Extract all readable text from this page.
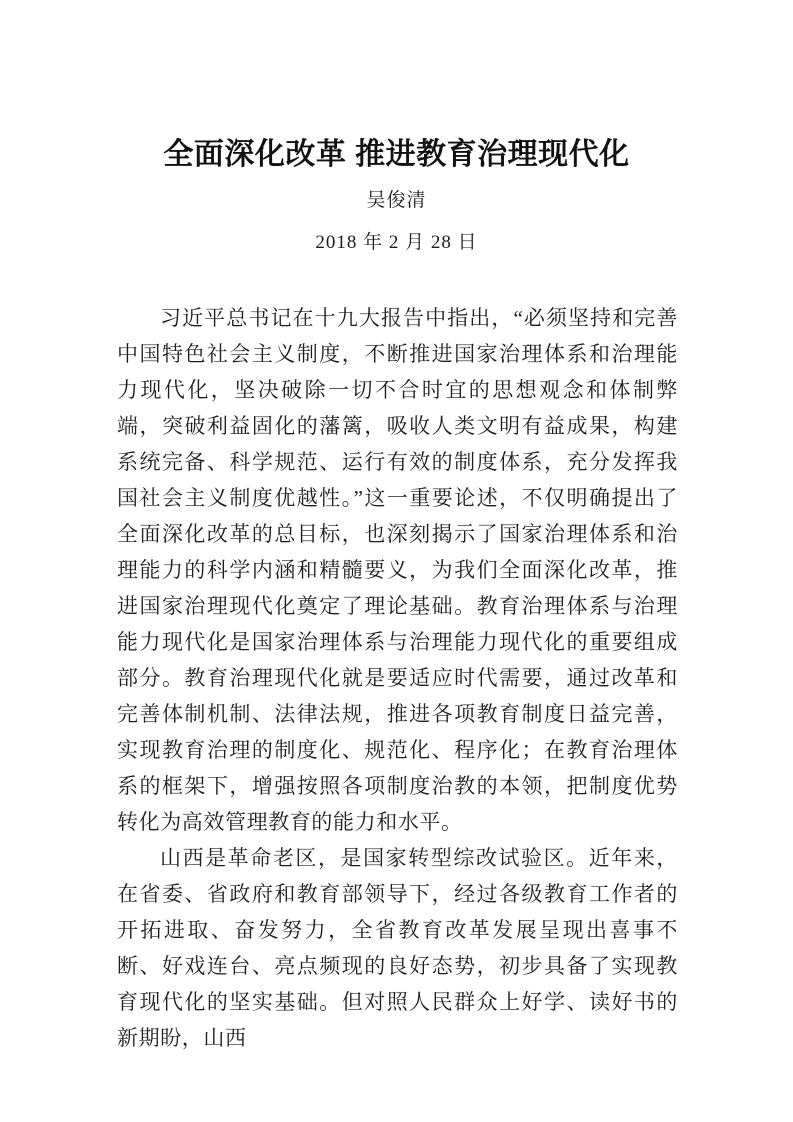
全面深化改革 推进教育治理现代化
吴俊清
2018 年 2 月 28 日

习近平总书记在十九大报告中指出，“必须坚持和完善中国特色社会主义制度，不断推进国家治理体系和治理能力现代化，坚决破除一切不合时宜的思想观念和体制弊端，突破利益固化的藩篱，吸收人类文明有益成果，构建系统完备、科学规范、运行有效的制度体系，充分发挥我国社会主义制度优越性。”这一重要论述，不仅明确提出了全面深化改革的总目标，也深刻揭示了国家治理体系和治理能力的科学内涵和精髓要义，为我们全面深化改革，推进国家治理现代化奠定了理论基础。教育治理体系与治理能力现代化是国家治理体系与治理能力现代化的重要组成部分。教育治理现代化就是要适应时代需要，通过改革和完善体制机制、法律法规，推进各项教育制度日益完善，实现教育治理的制度化、规范化、程序化；在教育治理体系的框架下，增强按照各项制度治教的本领，把制度优势转化为高效管理教育的能力和水平。

山西是革命老区，是国家转型综改试验区。近年来，在省委、省政府和教育部领导下，经过各级教育工作者的开拓进取、奋发努力，全省教育改革发展呈现出喜事不断、好戏连台、亮点频现的良好态势，初步具备了实现教育现代化的坚实基础。但对照人民群众上好学、读好书的新期盼，山西
